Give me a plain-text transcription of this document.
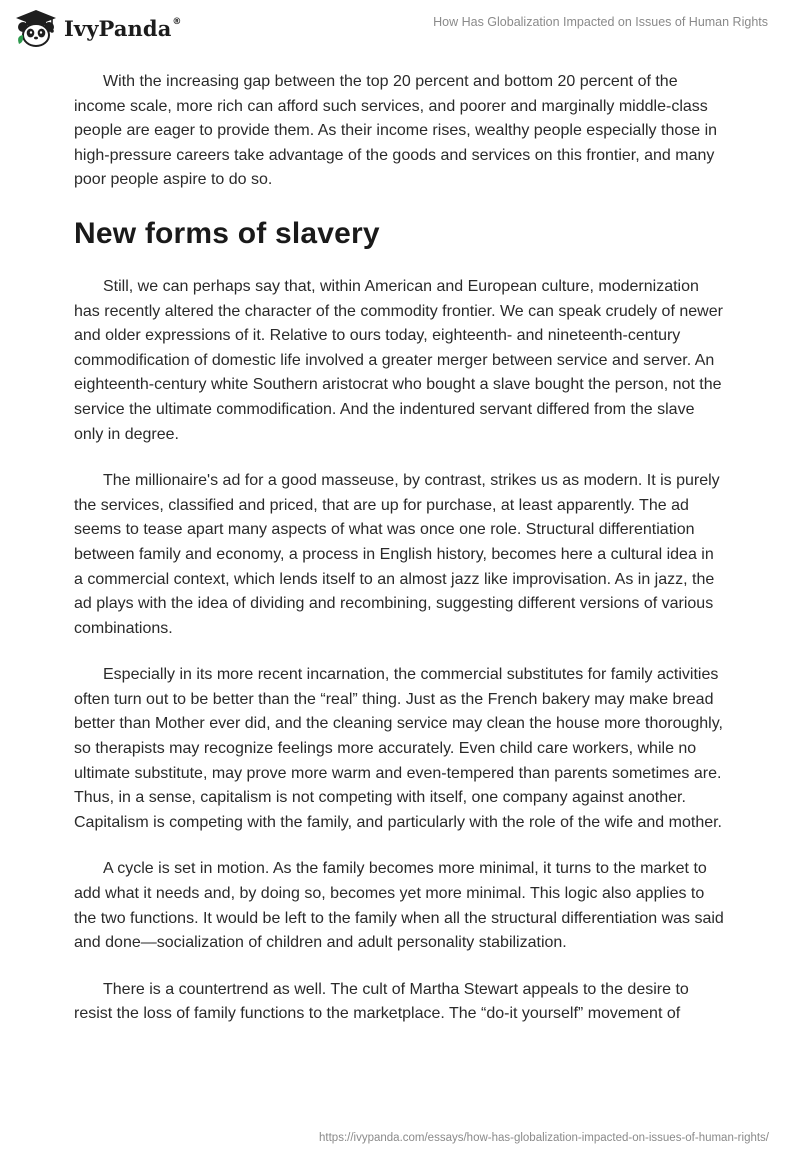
IvyPanda®	How Has Globalization Impacted on Issues of Human Rights

With the increasing gap between the top 20 percent and bottom 20 percent of the income scale, more rich can afford such services, and poorer and marginally middle-class people are eager to provide them. As their income rises, wealthy people especially those in high-pressure careers take advantage of the goods and services on this frontier, and many poor people aspire to do so.

New forms of slavery

Still, we can perhaps say that, within American and European culture, modernization has recently altered the character of the commodity frontier. We can speak crudely of newer and older expressions of it. Relative to ours today, eighteenth- and nineteenth-century commodification of domestic life involved a greater merger between service and server. An eighteenth-century white Southern aristocrat who bought a slave bought the person, not the service the ultimate commodification. And the indentured servant differed from the slave only in degree.

The millionaire's ad for a good masseuse, by contrast, strikes us as modern. It is purely the services, classified and priced, that are up for purchase, at least apparently. The ad seems to tease apart many aspects of what was once one role. Structural differentiation between family and economy, a process in English history, becomes here a cultural idea in a commercial context, which lends itself to an almost jazz like improvisation. As in jazz, the ad plays with the idea of dividing and recombining, suggesting different versions of various combinations.

Especially in its more recent incarnation, the commercial substitutes for family activities often turn out to be better than the “real” thing. Just as the French bakery may make bread better than Mother ever did, and the cleaning service may clean the house more thoroughly, so therapists may recognize feelings more accurately. Even child care workers, while no ultimate substitute, may prove more warm and even-tempered than parents sometimes are. Thus, in a sense, capitalism is not competing with itself, one company against another. Capitalism is competing with the family, and particularly with the role of the wife and mother.

A cycle is set in motion. As the family becomes more minimal, it turns to the market to add what it needs and, by doing so, becomes yet more minimal. This logic also applies to the two functions. It would be left to the family when all the structural differentiation was said and done—socialization of children and adult personality stabilization.

There is a countertrend as well. The cult of Martha Stewart appeals to the desire to resist the loss of family functions to the marketplace. The “do-it yourself” movement of

https://ivypanda.com/essays/how-has-globalization-impacted-on-issues-of-human-rights/
